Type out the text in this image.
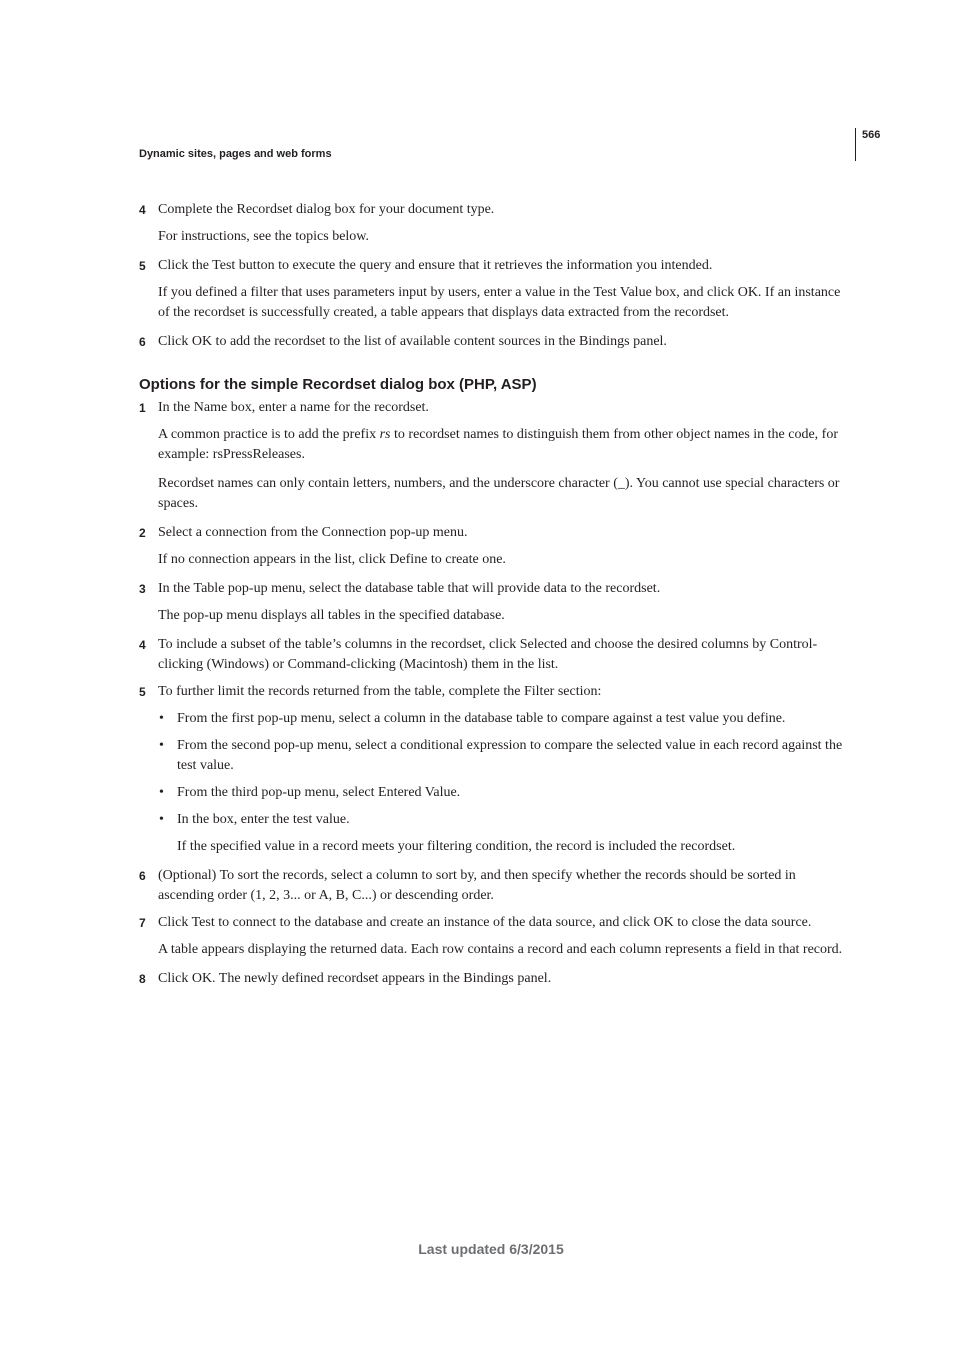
566
Dynamic sites, pages and web forms
4 Complete the Recordset dialog box for your document type.
For instructions, see the topics below.
5 Click the Test button to execute the query and ensure that it retrieves the information you intended.
If you defined a filter that uses parameters input by users, enter a value in the Test Value box, and click OK. If an instance of the recordset is successfully created, a table appears that displays data extracted from the recordset.
6 Click OK to add the recordset to the list of available content sources in the Bindings panel.
Options for the simple Recordset dialog box (PHP, ASP)
1 In the Name box, enter a name for the recordset.
A common practice is to add the prefix rs to recordset names to distinguish them from other object names in the code, for example: rsPressReleases.
Recordset names can only contain letters, numbers, and the underscore character (_). You cannot use special characters or spaces.
2 Select a connection from the Connection pop-up menu.
If no connection appears in the list, click Define to create one.
3 In the Table pop-up menu, select the database table that will provide data to the recordset.
The pop-up menu displays all tables in the specified database.
4 To include a subset of the table’s columns in the recordset, click Selected and choose the desired columns by Control-clicking (Windows) or Command-clicking (Macintosh) them in the list.
5 To further limit the records returned from the table, complete the Filter section:
• From the first pop-up menu, select a column in the database table to compare against a test value you define.
• From the second pop-up menu, select a conditional expression to compare the selected value in each record against the test value.
• From the third pop-up menu, select Entered Value.
• In the box, enter the test value.
If the specified value in a record meets your filtering condition, the record is included the recordset.
6 (Optional) To sort the records, select a column to sort by, and then specify whether the records should be sorted in ascending order (1, 2, 3... or A, B, C...) or descending order.
7 Click Test to connect to the database and create an instance of the data source, and click OK to close the data source.
A table appears displaying the returned data. Each row contains a record and each column represents a field in that record.
8 Click OK. The newly defined recordset appears in the Bindings panel.
Last updated 6/3/2015
